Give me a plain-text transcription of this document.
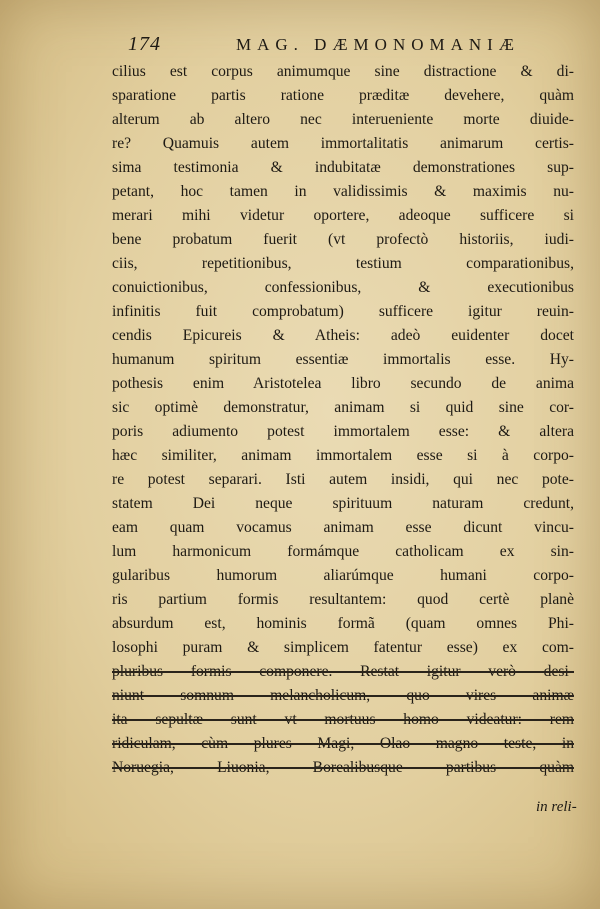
174	MAG. DÆMONOMANIÆ
cilius est corpus animumque sine distractione & di-
sparatione partis ratione præditæ devehere, quàm
alterum ab altero nec interueniente morte diuide-
re? Quamuis autem immortalitatis animarum certis-
sima testimonia & indubitatæ demonstrationes sup-
petant, hoc tamen in validissimis & maximis nu-
merari mihi videtur oportere, adeoque sufficere si
bene probatum fuerit (vt profectò historiis, iudi-
ciis, repetitionibus, testium comparationibus,
conuictionibus, confessionibus, & executionibus
infinitis fuit comprobatum) sufficere igitur reuin-
cendis Epicureis & Atheis: adeò euidenter docet
humanum spiritum essentiæ immortalis esse. Hy-
pothesis enim Aristotelea libro secundo de anima
sic optimè demonstratur, animam si quid sine cor-
poris adiumento potest immortalem esse: & altera
hæc similiter, animam immortalem esse si à corpo-
re potest separari. Isti autem insidi, qui nec pote-
statem Dei neque spirituum naturam credunt,
eam quam vocamus animam esse dicunt vincu-
lum harmonicum formámque catholicam ex sin-
gularibus humorum aliarúmque humani corpo-
ris partium formis resultantem: quod certè planè
absurdum est, hominis formã (quam omnes Phi-
losophi puram & simplicem fatentur esse) ex com-
pluribus formis componere. Restat igitur verò desi-
niunt somnum melancholicum, quo vires animæ
ita sepultæ sunt vt mortuus homo videatur: rem
ridiculam, cùm plures Magi, Olao magno teste, in
Noruegia, Liuonia, Borealibusque partibus quàm
in reli-
